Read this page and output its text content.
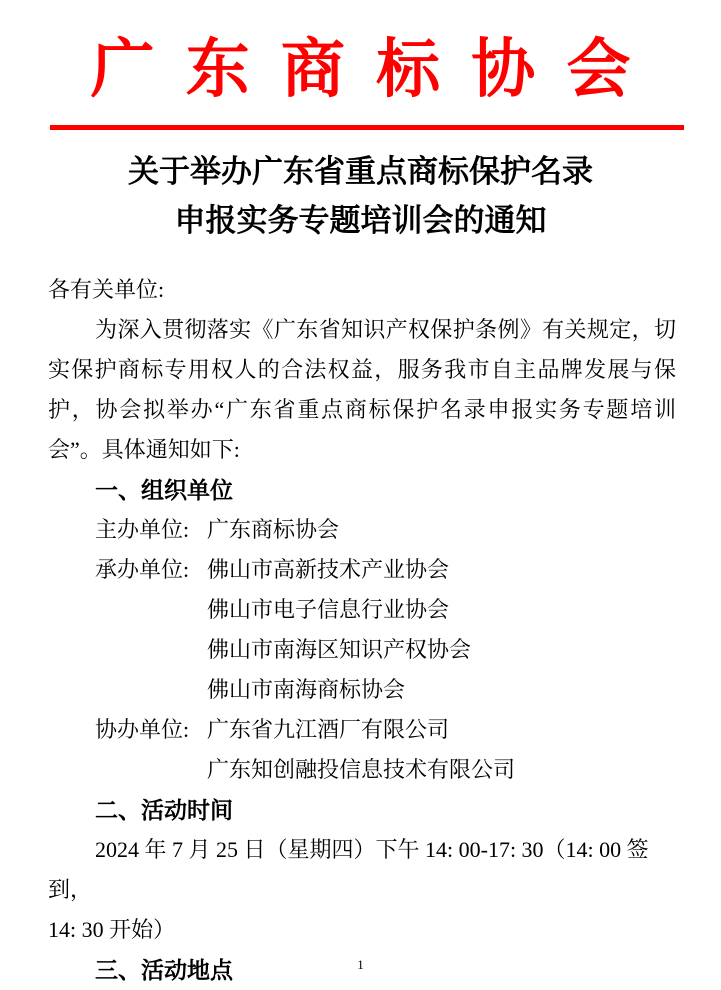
广 东 商 标 协 会
关于举办广东省重点商标保护名录
申报实务专题培训会的通知
各有关单位:
为深入贯彻落实《广东省知识产权保护条例》有关规定，切
实保护商标专用权人的合法权益，服务我市自主品牌发展与保
护，协会拟举办“广东省重点商标保护名录申报实务专题培训
会”。具体通知如下:
一、组织单位
主办单位: 广东商标协会
承办单位: 佛山市高新技术产业协会
佛山市电子信息行业协会
佛山市南海区知识产权协会
佛山市南海商标协会
协办单位: 广东省九江酒厂有限公司
广东知创融投信息技术有限公司
二、活动时间
2024 年 7 月 25 日（星期四）下午 14: 00-17: 30（14: 00 签到，
14: 30 开始）
三、活动地点	1
